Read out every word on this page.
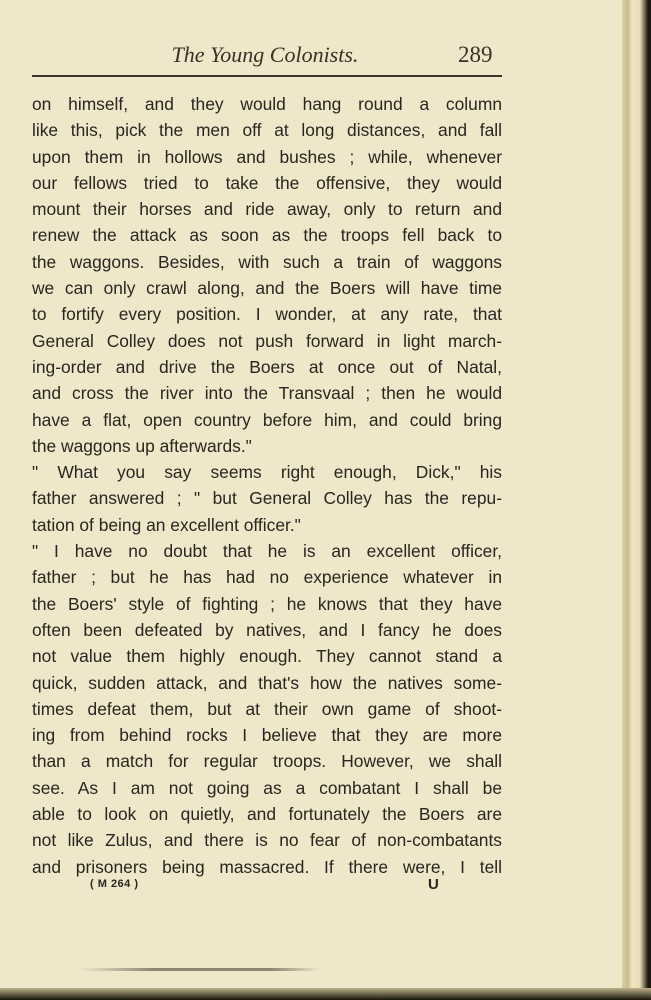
The Young Colonists.	289
on himself, and they would hang round a column
like this, pick the men off at long distances, and fall
upon them in hollows and bushes ; while, whenever
our fellows tried to take the offensive, they would
mount their horses and ride away, only to return and
renew the attack as soon as the troops fell back to
the waggons. Besides, with such a train of waggons
we can only crawl along, and the Boers will have time
to fortify every position. I wonder, at any rate, that
General Colley does not push forward in light march-
ing-order and drive the Boers at once out of Natal,
and cross the river into the Transvaal ; then he would
have a flat, open country before him, and could bring
the waggons up afterwards."
" What you say seems right enough, Dick," his
father answered ; " but General Colley has the repu-
tation of being an excellent officer."
" I have no doubt that he is an excellent officer,
father ; but he has had no experience whatever in
the Boers' style of fighting ; he knows that they have
often been defeated by natives, and I fancy he does
not value them highly enough. They cannot stand a
quick, sudden attack, and that's how the natives some-
times defeat them, but at their own game of shoot-
ing from behind rocks I believe that they are more
than a match for regular troops. However, we shall
see. As I am not going as a combatant I shall be
able to look on quietly, and fortunately the Boers are
not like Zulus, and there is no fear of non-combatants
and prisoners being massacred. If there were, I tell
( M 264 )	U
